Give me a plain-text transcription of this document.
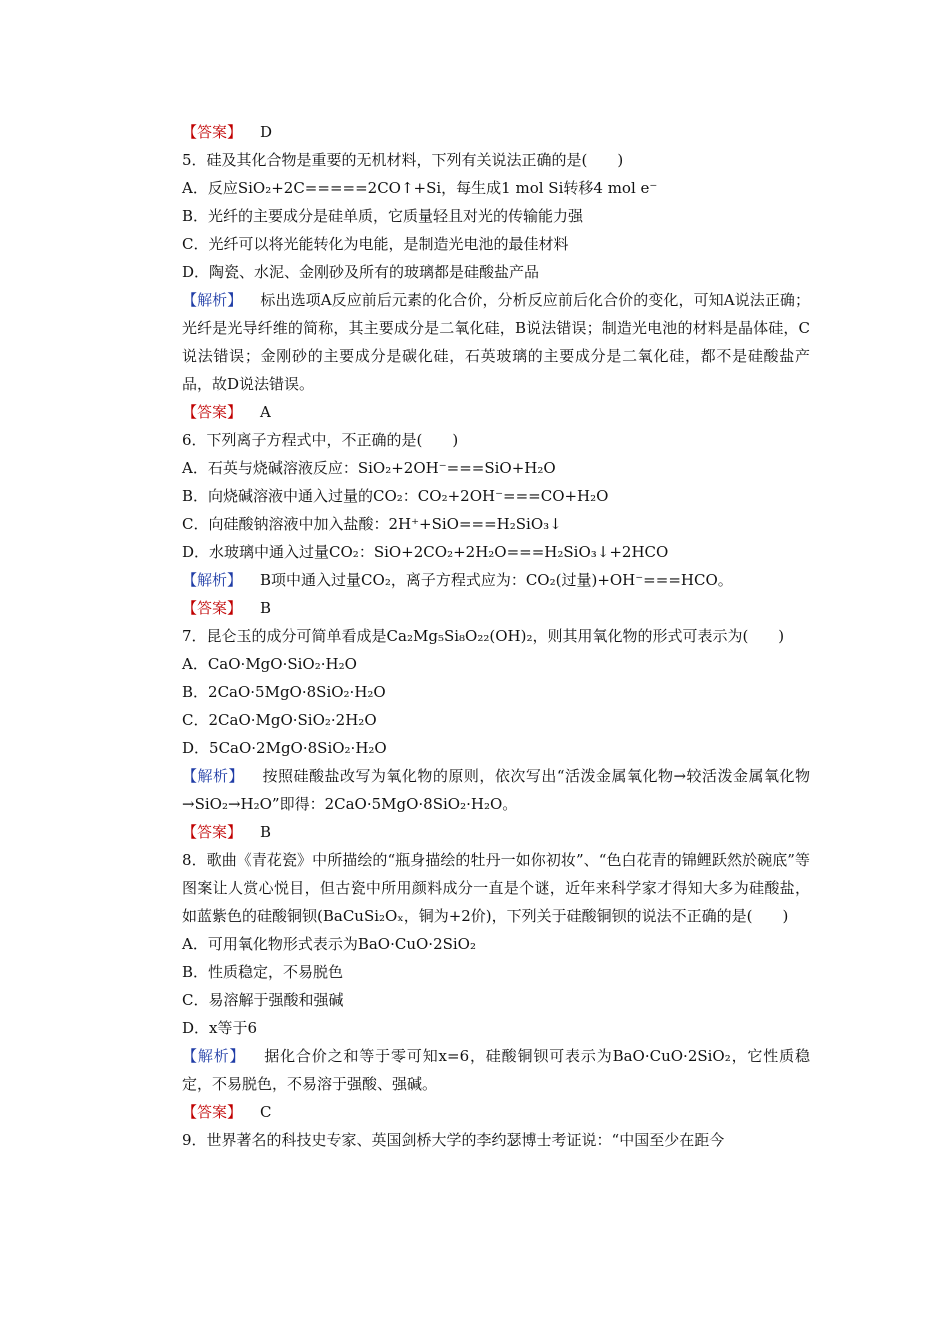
【答案】 D
5．硅及其化合物是重要的无机材料，下列有关说法正确的是(　　)
A．反应SiO₂+2C=====2CO↑+Si，每生成1 mol Si转移4 mol e⁻
B．光纤的主要成分是硅单质，它质量轻且对光的传输能力强
C．光纤可以将光能转化为电能，是制造光电池的最佳材料
D．陶瓷、水泥、金刚砂及所有的玻璃都是硅酸盐产品
【解析】 标出选项A反应前后元素的化合价，分析反应前后化合价的变化，可知A说法正确；光纤是光导纤维的简称，其主要成分是二氧化硅，B说法错误；制造光电池的材料是晶体硅，C说法错误；金刚砂的主要成分是碳化硅，石英玻璃的主要成分是二氧化硅，都不是硅酸盐产品，故D说法错误。
【答案】 A
6．下列离子方程式中，不正确的是(　　)
A．石英与烧碱溶液反应：SiO₂+2OH⁻===SiO+H₂O
B．向烧碱溶液中通入过量的CO₂：CO₂+2OH⁻===CO+H₂O
C．向硅酸钠溶液中加入盐酸：2H⁺+SiO===H₂SiO₃↓
D．水玻璃中通入过量CO₂：SiO+2CO₂+2H₂O===H₂SiO₃↓+2HCO
【解析】 B项中通入过量CO₂，离子方程式应为：CO₂(过量)+OH⁻===HCO。
【答案】 B
7．昆仑玉的成分可简单看成是Ca₂Mg₅Si₈O₂₂(OH)₂，则其用氧化物的形式可表示为(　　)
A．CaO·MgO·SiO₂·H₂O
B．2CaO·5MgO·8SiO₂·H₂O
C．2CaO·MgO·SiO₂·2H₂O
D．5CaO·2MgO·8SiO₂·H₂O
【解析】 按照硅酸盐改写为氧化物的原则，依次写出“活泼金属氧化物→较活泼金属氧化物→SiO₂→H₂O”即得：2CaO·5MgO·8SiO₂·H₂O。
【答案】 B
8．歌曲《青花瓷》中所描绘的“瓶身描绘的牡丹一如你初妆”、“色白花青的锦鲤跃然於碗底”等图案让人赏心悦目，但古瓷中所用颜料成分一直是个谜，近年来科学家才得知大多为硅酸盐，如蓝紫色的硅酸铜钡(BaCuSi₂Oₓ，铜为+2价)，下列关于硅酸铜钡的说法不正确的是(　　)
A．可用氧化物形式表示为BaO·CuO·2SiO₂
B．性质稳定，不易脱色
C．易溶解于强酸和强碱
D．x等于6
【解析】 据化合价之和等于零可知x=6，硅酸铜钡可表示为BaO·CuO·2SiO₂，它性质稳定，不易脱色，不易溶于强酸、强碱。
【答案】 C
9．世界著名的科技史专家、英国剑桥大学的李约瑟博士考证说：“中国至少在距今
